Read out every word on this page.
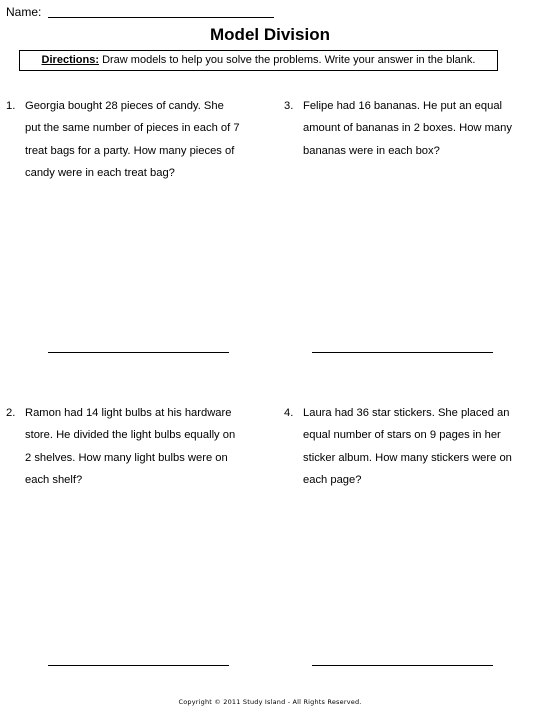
Name:
Model Division
Directions: Draw models to help you solve the problems. Write your answer in the blank.
1. Georgia bought 28 pieces of candy. She
put the same number of pieces in each of 7
treat bags for a party. How many pieces of
candy were in each treat bag?
3. Felipe had 16 bananas. He put an equal
amount of bananas in 2 boxes. How many
bananas were in each box?
2. Ramon had 14 light bulbs at his hardware
store. He divided the light bulbs equally on
2 shelves. How many light bulbs were on
each shelf?
4. Laura had 36 star stickers. She placed an
equal number of stars on 9 pages in her
sticker album. How many stickers were on
each page?
Copyright © 2011 Study Island - All Rights Reserved.
